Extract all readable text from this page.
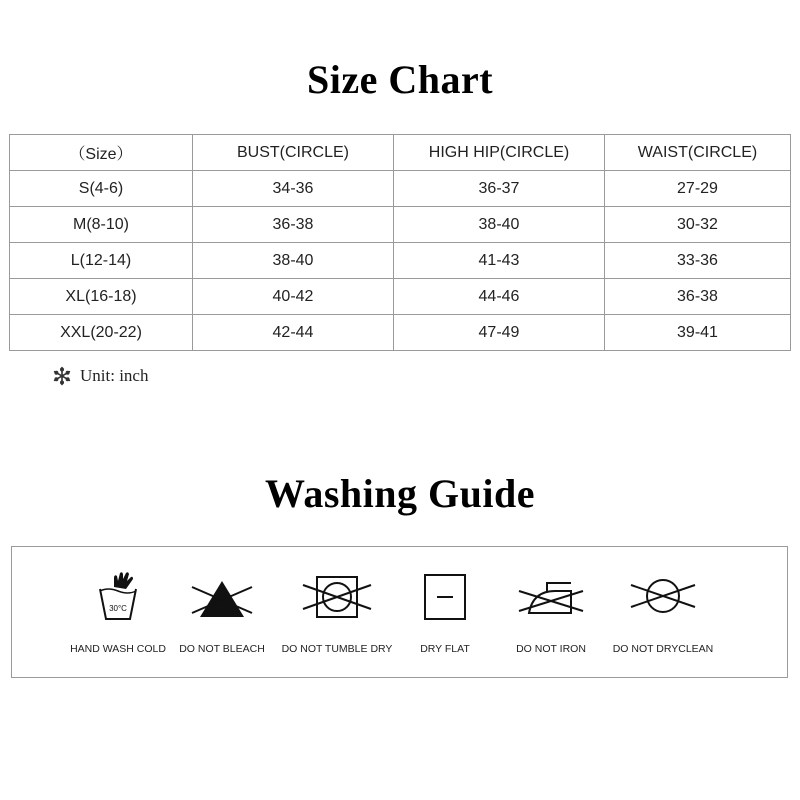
Size Chart
（Size）	BUST(CIRCLE)	HIGH HIP(CIRCLE)	WAIST(CIRCLE)
S(4-6)	34-36	36-37	27-29
M(8-10)	36-38	38-40	30-32
L(12-14)	38-40	41-43	33-36
XL(16-18)	40-42	44-46	36-38
XXL(20-22)	42-44	47-49	39-41
Unit: inch
Washing Guide
30°C
HAND WASH COLD	DO NOT BLEACH	DO NOT TUMBLE DRY	DRY FLAT	DO NOT IRON	DO NOT DRYCLEAN
